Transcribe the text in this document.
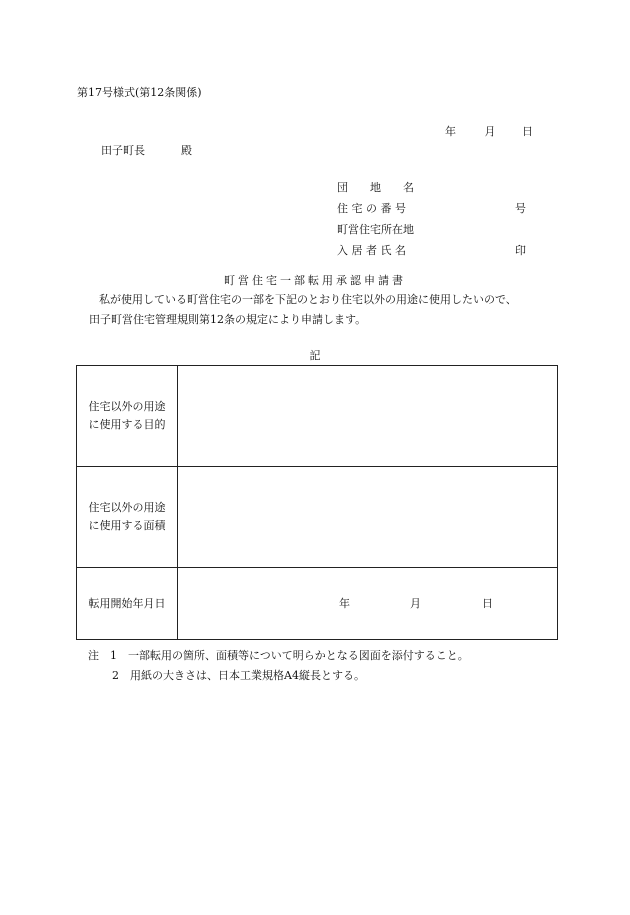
第17号様式(第12条関係)
年	月 日
田子町長	殿
団　　地　　名
住 宅 の 番 号	号
町営住宅所在地
入 居 者 氏 名	印
町営住宅一部転用承認申請書
私が使用している町営住宅の一部を下記のとおり住宅以外の用途に使用したいので、
田子町営住宅管理規則第12条の規定により申請します。
記
住宅以外の用途
に使用する目的	

住宅以外の用途
に使用する面積	

転用開始年月日	年 月 日
注　1　一部転用の箇所、面積等について明らかとなる図面を添付すること。
2　用紙の大きさは、日本工業規格A4縦長とする。
